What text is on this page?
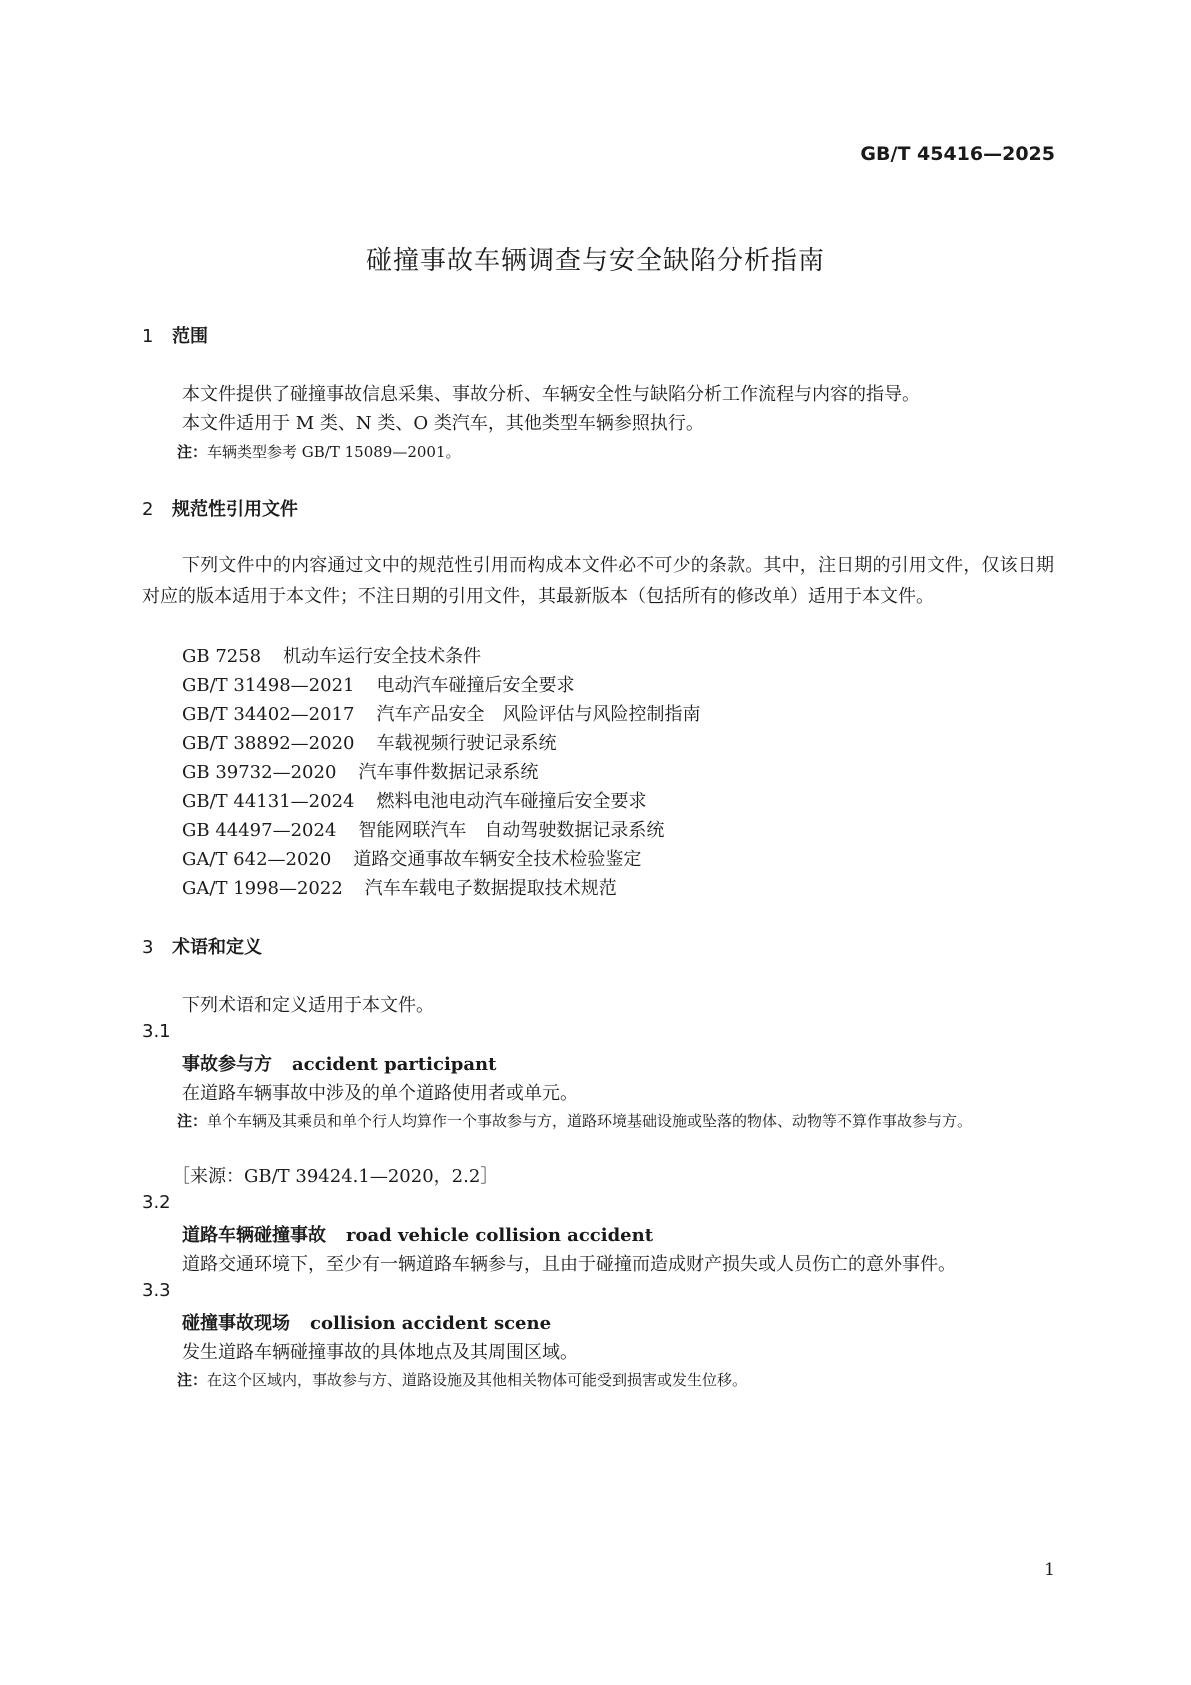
GB/T 45416—2025
碰撞事故车辆调查与安全缺陷分析指南
1 范围
本文件提供了碰撞事故信息采集、事故分析、车辆安全性与缺陷分析工作流程与内容的指导。
本文件适用于 M 类、N 类、O 类汽车，其他类型车辆参照执行。
注：车辆类型参考 GB/T 15089—2001。
2 规范性引用文件
下列文件中的内容通过文中的规范性引用而构成本文件必不可少的条款。其中，注日期的引用文件，仅该日期对应的版本适用于本文件；不注日期的引用文件，其最新版本（包括所有的修改单）适用于本文件。
GB 7258 机动车运行安全技术条件
GB/T 31498—2021 电动汽车碰撞后安全要求
GB/T 34402—2017 汽车产品安全　风险评估与风险控制指南
GB/T 38892—2020 车载视频行驶记录系统
GB 39732—2020 汽车事件数据记录系统
GB/T 44131—2024 燃料电池电动汽车碰撞后安全要求
GB 44497—2024 智能网联汽车　自动驾驶数据记录系统
GA/T 642—2020 道路交通事故车辆安全技术检验鉴定
GA/T 1998—2022 汽车车载电子数据提取技术规范
3 术语和定义
下列术语和定义适用于本文件。
3.1
事故参与方 accident participant
在道路车辆事故中涉及的单个道路使用者或单元。
注：单个车辆及其乘员和单个行人均算作一个事故参与方，道路环境基础设施或坠落的物体、动物等不算作事故参与方。
［来源：GB/T 39424.1—2020，2.2］
3.2
道路车辆碰撞事故 road vehicle collision accident
道路交通环境下，至少有一辆道路车辆参与，且由于碰撞而造成财产损失或人员伤亡的意外事件。
3.3
碰撞事故现场 collision accident scene
发生道路车辆碰撞事故的具体地点及其周围区域。
注：在这个区域内，事故参与方、道路设施及其他相关物体可能受到损害或发生位移。
1
